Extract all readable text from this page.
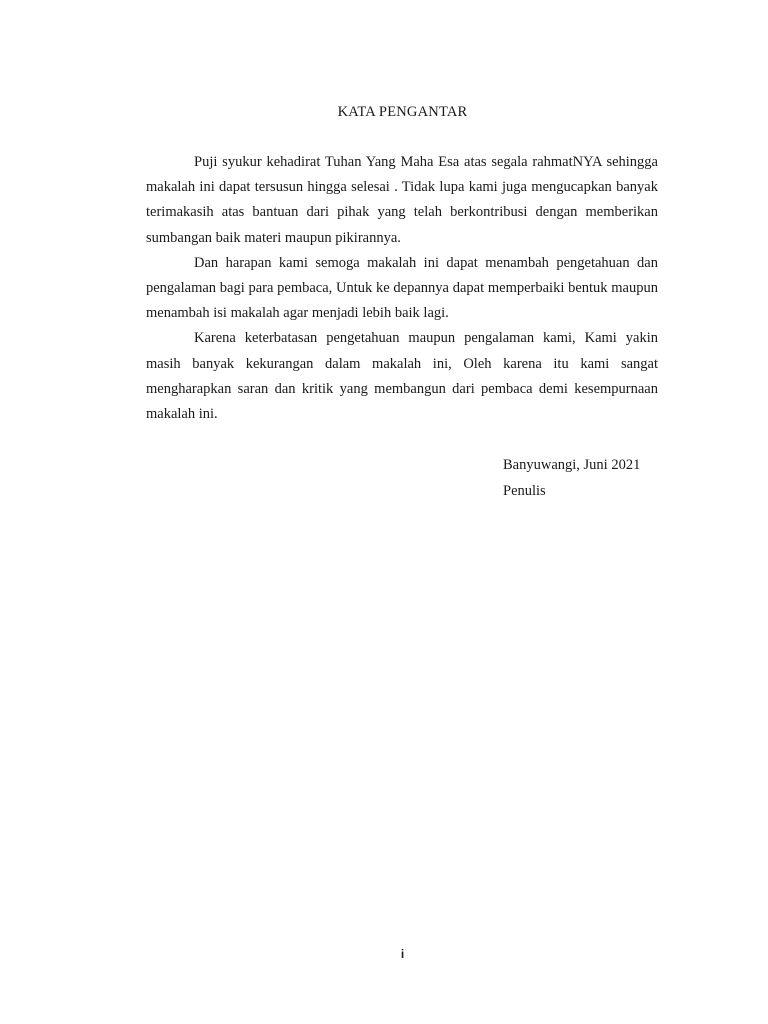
KATA PENGANTAR

Puji syukur kehadirat Tuhan Yang Maha Esa atas segala rahmatNYA sehingga makalah ini dapat tersusun hingga selesai . Tidak lupa kami juga mengucapkan banyak terimakasih atas bantuan dari pihak yang telah berkontribusi dengan memberikan sumbangan baik materi maupun pikirannya.

Dan harapan kami semoga makalah ini dapat menambah pengetahuan dan pengalaman bagi para pembaca, Untuk ke depannya dapat memperbaiki bentuk maupun menambah isi makalah agar menjadi lebih baik lagi.

Karena keterbatasan pengetahuan maupun pengalaman kami, Kami yakin masih banyak kekurangan dalam makalah ini, Oleh karena itu kami sangat mengharapkan saran dan kritik yang membangun dari pembaca demi kesempurnaan makalah ini.

Banyuwangi, Juni 2021
Penulis
i
